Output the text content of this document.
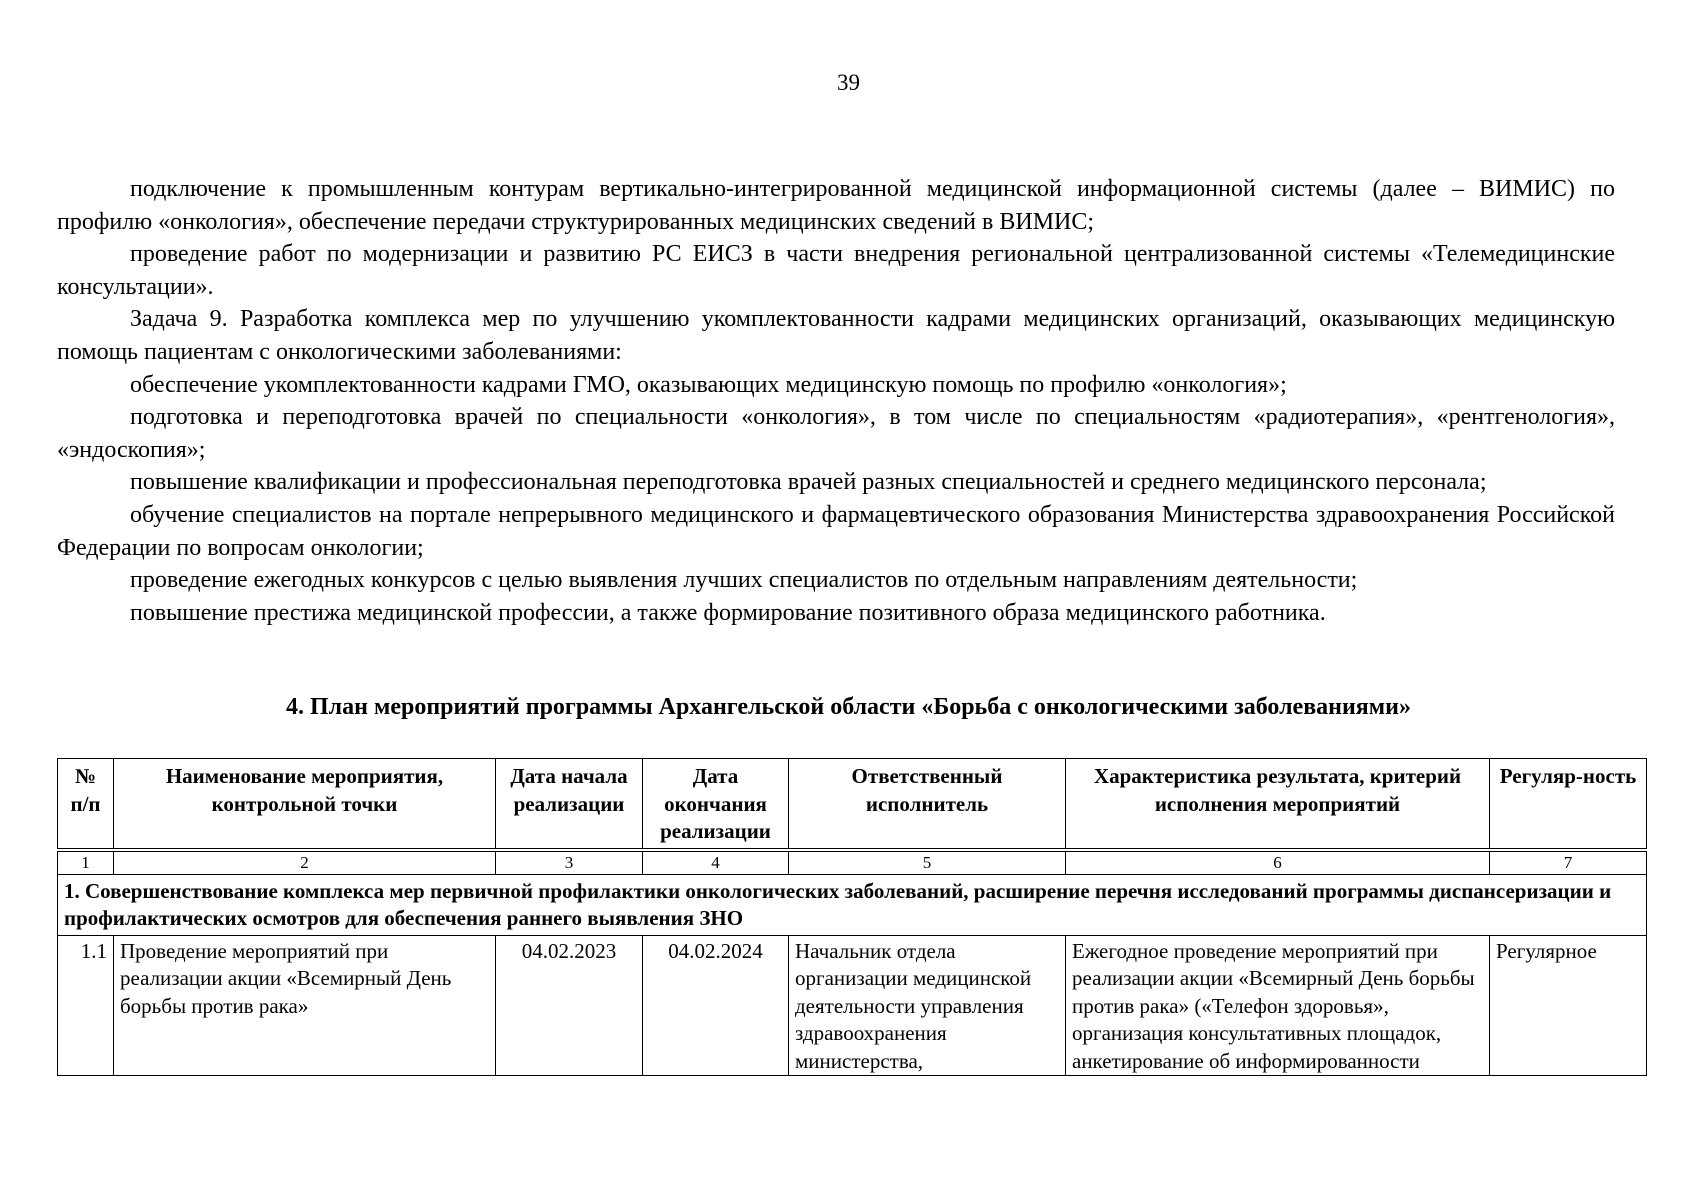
39

подключение к промышленным контурам вертикально-интегрированной медицинской информационной системы (далее – ВИМИС) по профилю «онкология», обеспечение передачи структурированных медицинских сведений в ВИМИС;

проведение работ по модернизации и развитию РС ЕИСЗ в части внедрения региональной централизованной системы «Телемедицинские консультации».

Задача 9. Разработка комплекса мер по улучшению укомплектованности кадрами медицинских организаций, оказывающих медицинскую помощь пациентам с онкологическими заболеваниями:

обеспечение укомплектованности кадрами ГМО, оказывающих медицинскую помощь по профилю «онкология»;

подготовка и переподготовка врачей по специальности «онкология», в том числе по специальностям «радиотерапия», «рентгенология», «эндоскопия»;

повышение квалификации и профессиональная переподготовка врачей разных специальностей и среднего медицинского персонала;

обучение специалистов на портале непрерывного медицинского и фармацевтического образования Министерства здравоохранения Российской Федерации по вопросам онкологии;

проведение ежегодных конкурсов с целью выявления лучших специалистов по отдельным направлениям деятельности;

повышение престижа медицинской профессии, а также формирование позитивного образа медицинского работника.

4. План мероприятий программы Архангельской области «Борьба с онкологическими заболеваниями»
№ п/п	Наименование мероприятия, контрольной точки	Дата начала реализации	Дата окончания реализации	Ответственный исполнитель	Характеристика результата, критерий исполнения мероприятий	Регуляр-ность
1	2	3	4	5	6	7
1. Совершенствование комплекса мер первичной профилактики онкологических заболеваний, расширение перечня исследований программы диспансеризации и профилактических осмотров для обеспечения раннего выявления ЗНО						
1.1	Проведение мероприятий при реализации акции «Всемирный День борьбы против рака»	04.02.2023	04.02.2024	Начальник отдела организации медицинской деятельности управления здравоохранения министерства,	Ежегодное проведение мероприятий при реализации акции «Всемирный День борьбы против рака» («Телефон здоровья», организация консультативных площадок, анкетирование об информированности	Регулярное
